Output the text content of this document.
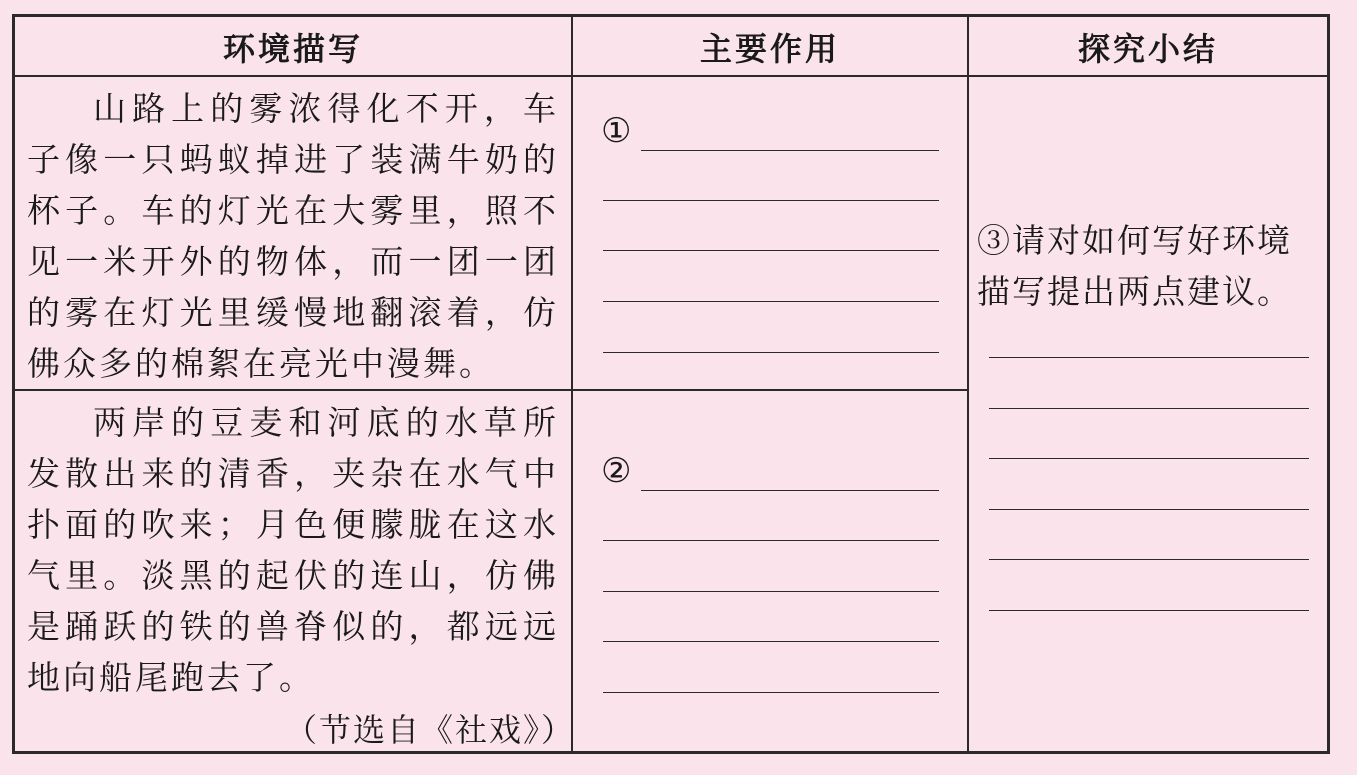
环境描写	主要作用	探究小结
山路上的雾浓得化不开，车子像一只蚂蚁掉进了装满牛奶的杯子。车的灯光在大雾里，照不见一米开外的物体，而一团一团的雾在灯光里缓慢地翻滚着，仿佛众多的棉絮在亮光中漫舞。
两岸的豆麦和河底的水草所发散出来的清香，夹杂在水气中扑面的吹来；月色便朦胧在这水气里。淡黑的起伏的连山，仿佛是踊跃的铁的兽脊似的，都远远地向船尾跑去了。
（节选自《社戏》）
①
②
③请对如何写好环境描写提出两点建议。
